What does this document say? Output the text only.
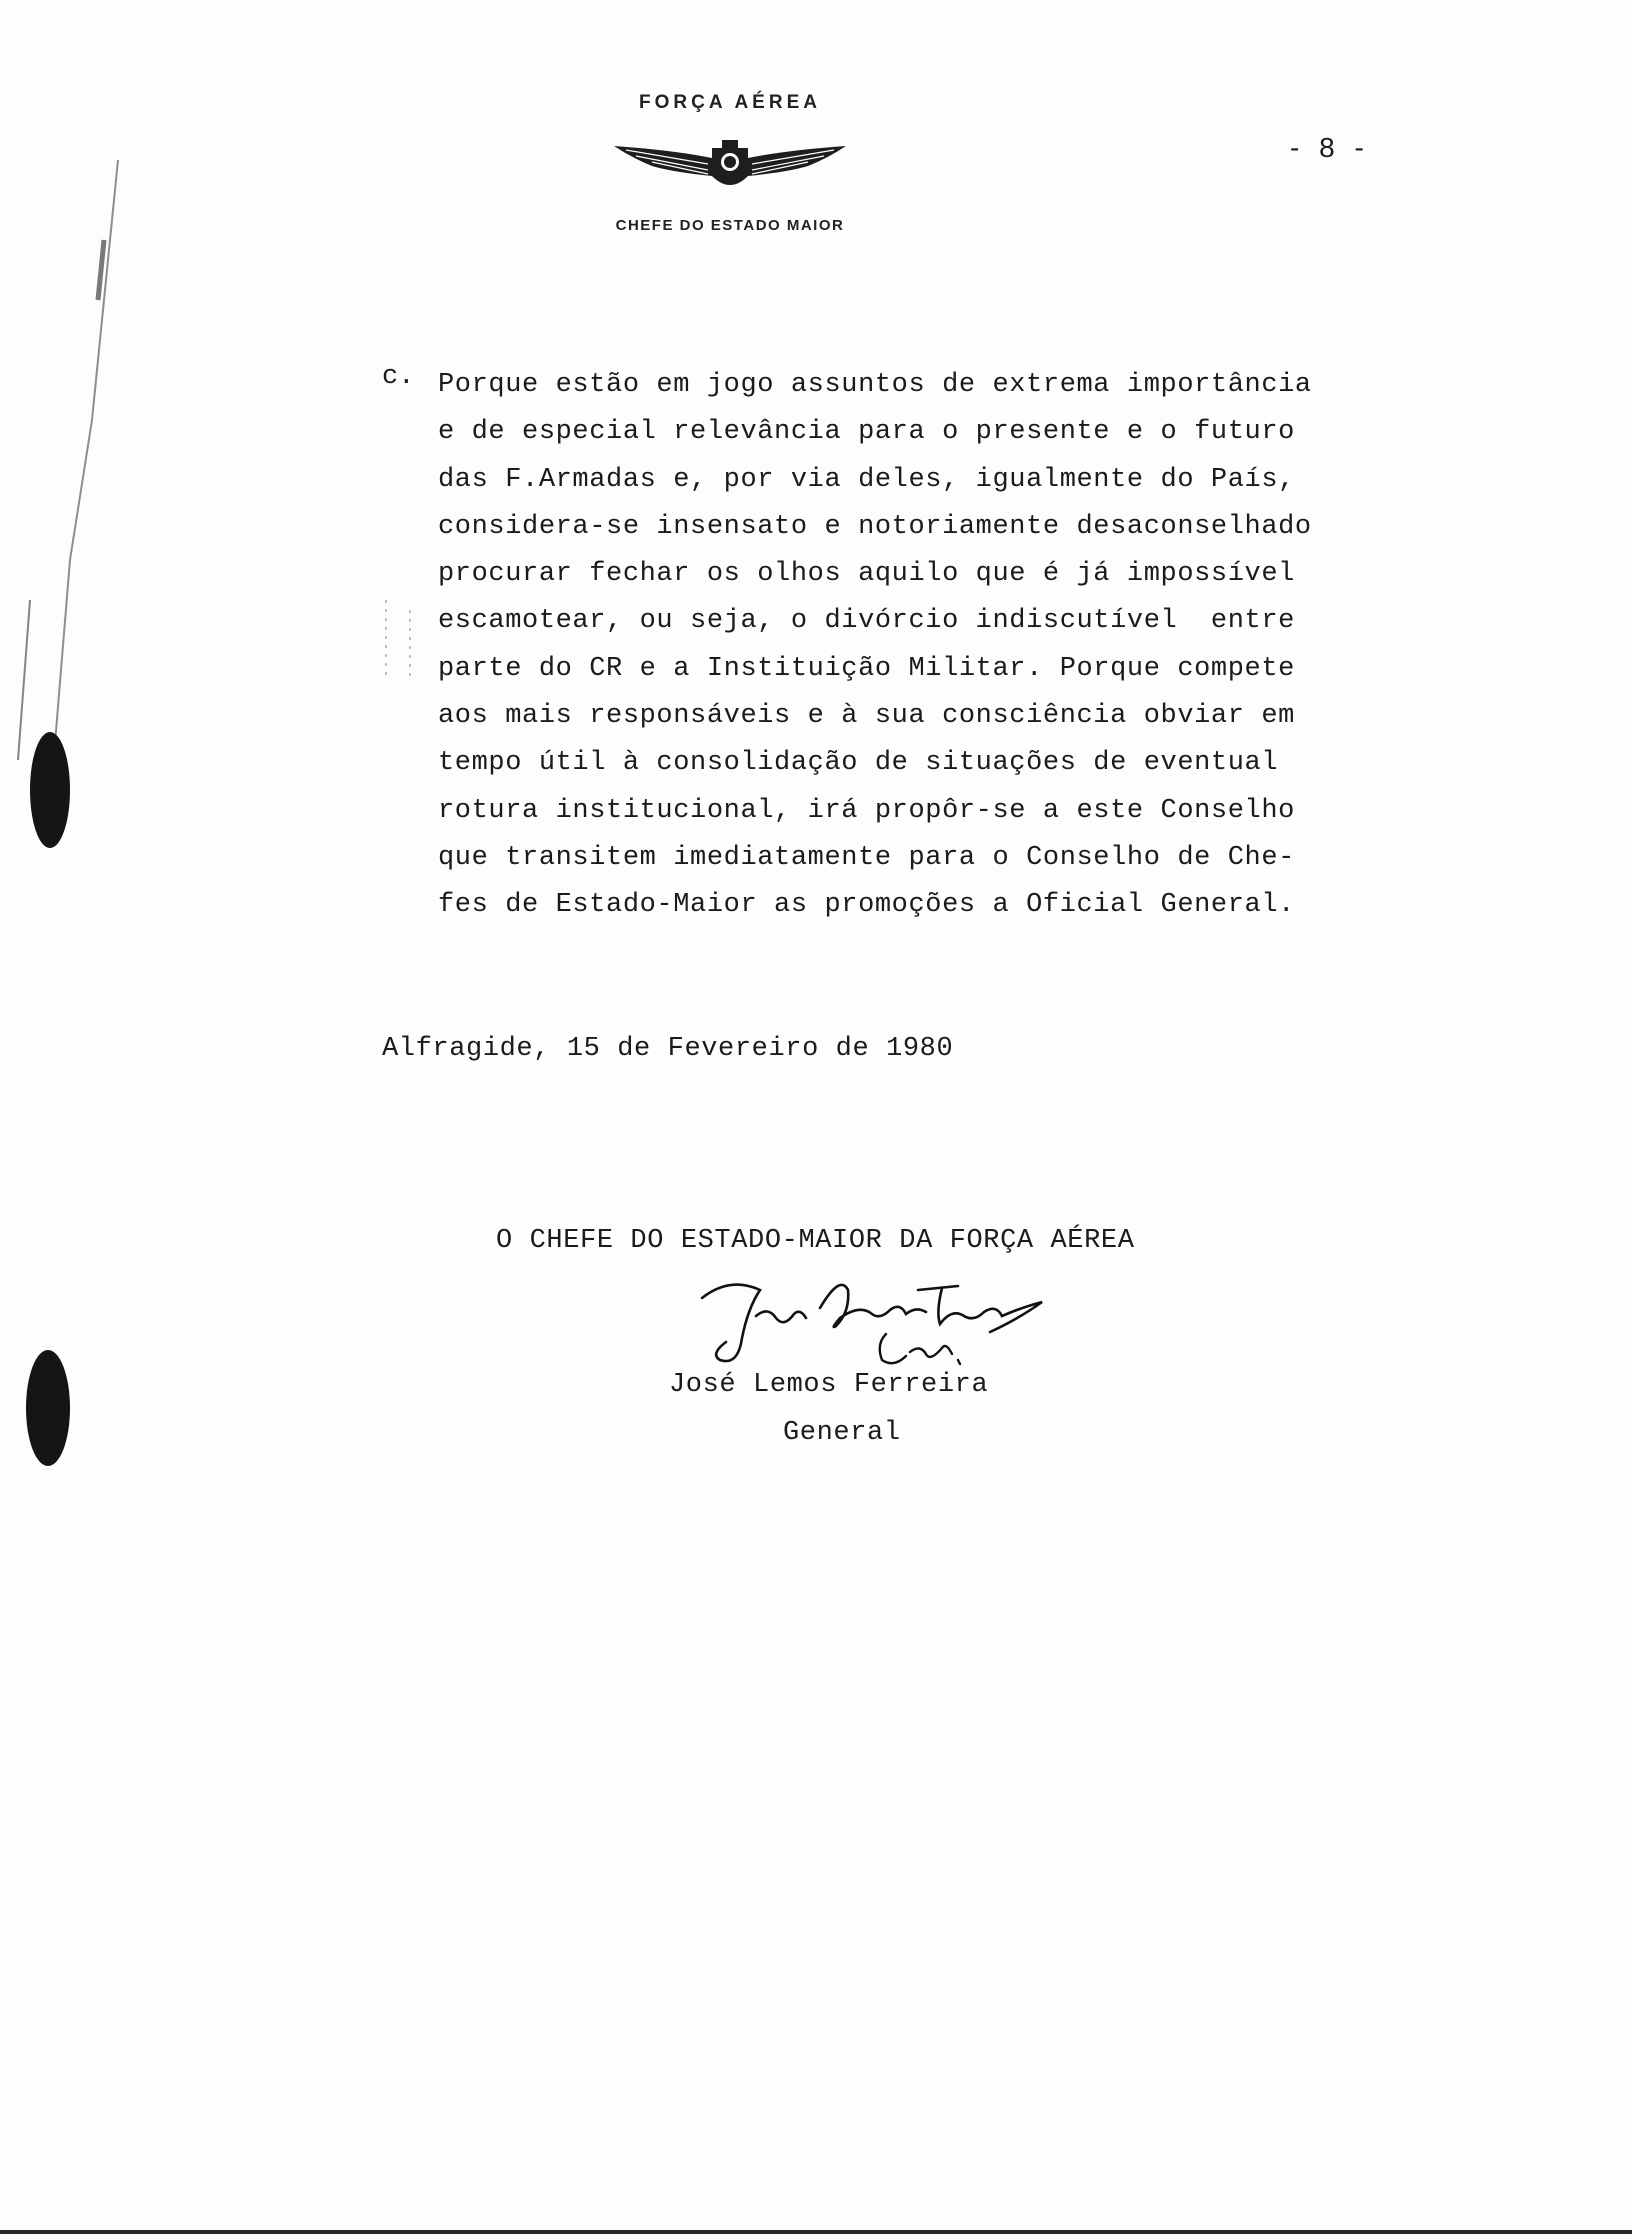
FORÇA AÉREA
CHEFE DO ESTADO MAIOR
- 8 -
c. Porque estão em jogo assuntos de extrema importância
e de especial relevância para o presente e o futuro
das F.Armadas e, por via deles, igualmente do País,
considera-se insensato e notoriamente desaconselhado
procurar fechar os olhos aquilo que é já impossível
escamotear, ou seja, o divórcio indiscutível  entre
parte do CR e a Instituição Militar. Porque compete
aos mais responsáveis e à sua consciência obviar em
tempo útil à consolidação de situações de eventual
rotura institucional, irá propôr-se a este Conselho
que transitem imediatamente para o Conselho de Che-
fes de Estado-Maior as promoções a Oficial General.
Alfragide, 15 de Fevereiro de 1980
O CHEFE DO ESTADO-MAIOR DA FORÇA AÉREA
José Lemos Ferreira
General
